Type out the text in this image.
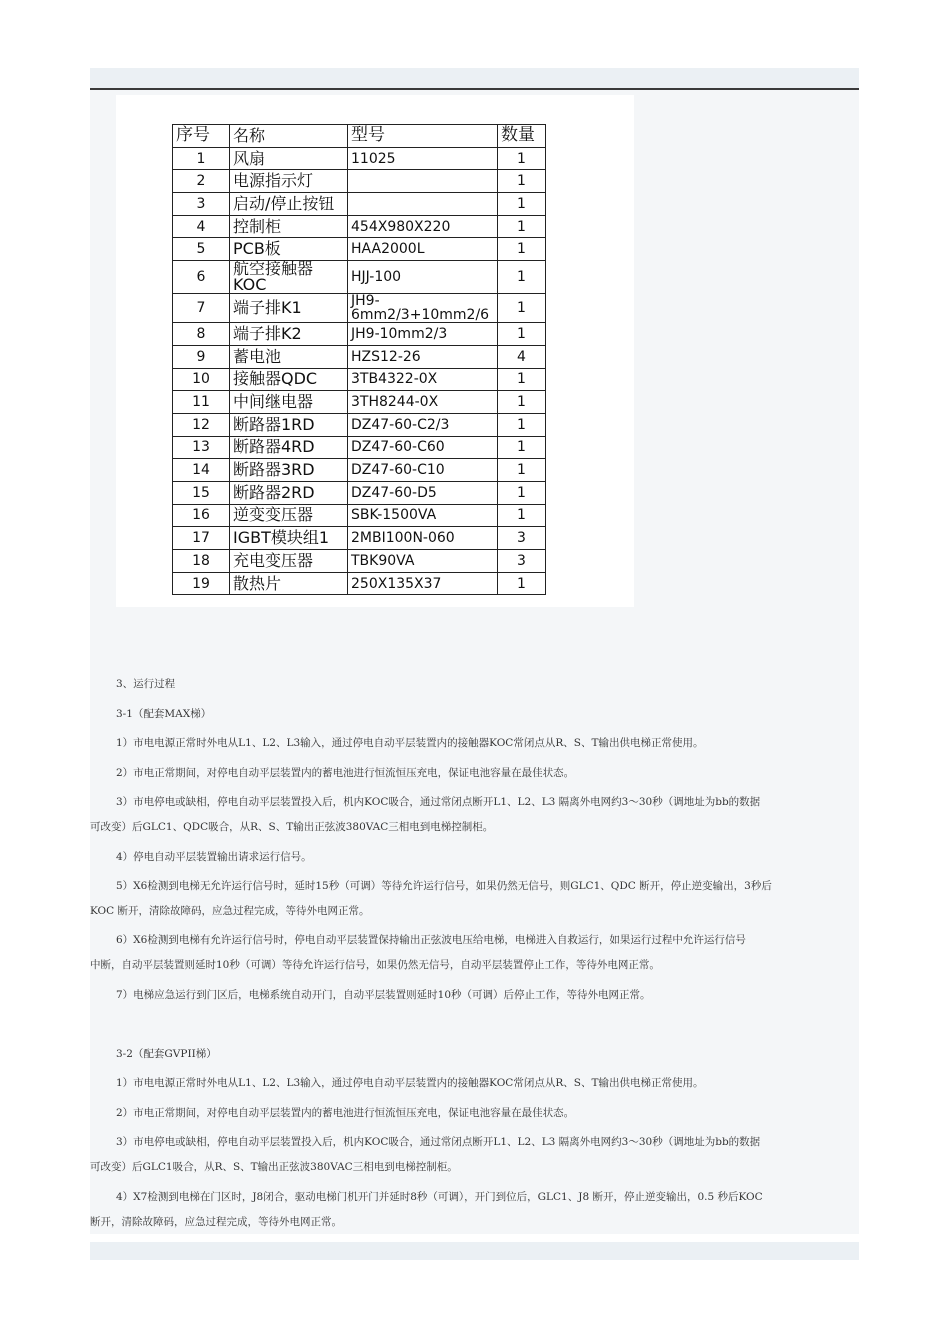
序号	名称	型号	数量
1	风扇	11025	1
2	电源指示灯		1
3	启动/停止按钮		1
4	控制柜	454X980X220	1
5	PCB板	HAA2000L	1
6	航空接触器KOC	HJJ-100	1
7	端子排K1	JH9-6mm2/3+10mm2/6	1
8	端子排K2	JH9-10mm2/3	1
9	蓄电池	HZS12-26	4
10	接触器QDC	3TB4322-0X	1
11	中间继电器	3TH8244-0X	1
12	断路器1RD	DZ47-60-C2/3	1
13	断路器4RD	DZ47-60-C60	1
14	断路器3RD	DZ47-60-C10	1
15	断路器2RD	DZ47-60-D5	1
16	逆变变压器	SBK-1500VA	1
17	IGBT模块组1	2MBI100N-060	3
18	充电变压器	TBK90VA	3
19	散热片	250X135X37	1
3、运行过程
3-1（配套MAX梯）
1）市电电源正常时外电从L1、L2、L3输入，通过停电自动平层装置内的接触器KOC常闭点从R、S、T输出供电梯正常使用。
2）市电正常期间，对停电自动平层装置内的蓄电池进行恒流恒压充电，保证电池容量在最佳状态。
3）市电停电或缺相，停电自动平层装置投入后，机内KOC吸合，通过常闭点断开L1、L2、L3 隔离外电网约3～30秒（调地址为bb的数据
可改变）后GLC1、QDC吸合，从R、S、T输出正弦波380VAC三相电到电梯控制柜。
4）停电自动平层装置输出请求运行信号。
5）X6检测到电梯无允许运行信号时，延时15秒（可调）等待允许运行信号，如果仍然无信号，则GLC1、QDC 断开，停止逆变输出，3秒后
KOC 断开，清除故障码，应急过程完成，等待外电网正常。
6）X6检测到电梯有允许运行信号时，停电自动平层装置保持输出正弦波电压给电梯，电梯进入自救运行，如果运行过程中允许运行信号
中断，自动平层装置则延时10秒（可调）等待允许运行信号，如果仍然无信号，自动平层装置停止工作，等待外电网正常。
7）电梯应急运行到门区后，电梯系统自动开门，自动平层装置则延时10秒（可调）后停止工作，等待外电网正常。
3-2（配套GVPII梯）
1）市电电源正常时外电从L1、L2、L3输入，通过停电自动平层装置内的接触器KOC常闭点从R、S、T输出供电梯正常使用。
2）市电正常期间，对停电自动平层装置内的蓄电池进行恒流恒压充电，保证电池容量在最佳状态。
3）市电停电或缺相，停电自动平层装置投入后，机内KOC吸合，通过常闭点断开L1、L2、L3 隔离外电网约3～30秒（调地址为bb的数据
可改变）后GLC1吸合，从R、S、T输出正弦波380VAC三相电到电梯控制柜。
4）X7检测到电梯在门区时，J8闭合，驱动电梯门机开门并延时8秒（可调），开门到位后，GLC1、J8 断开，停止逆变输出，0.5 秒后KOC
断开，清除故障码，应急过程完成，等待外电网正常。
